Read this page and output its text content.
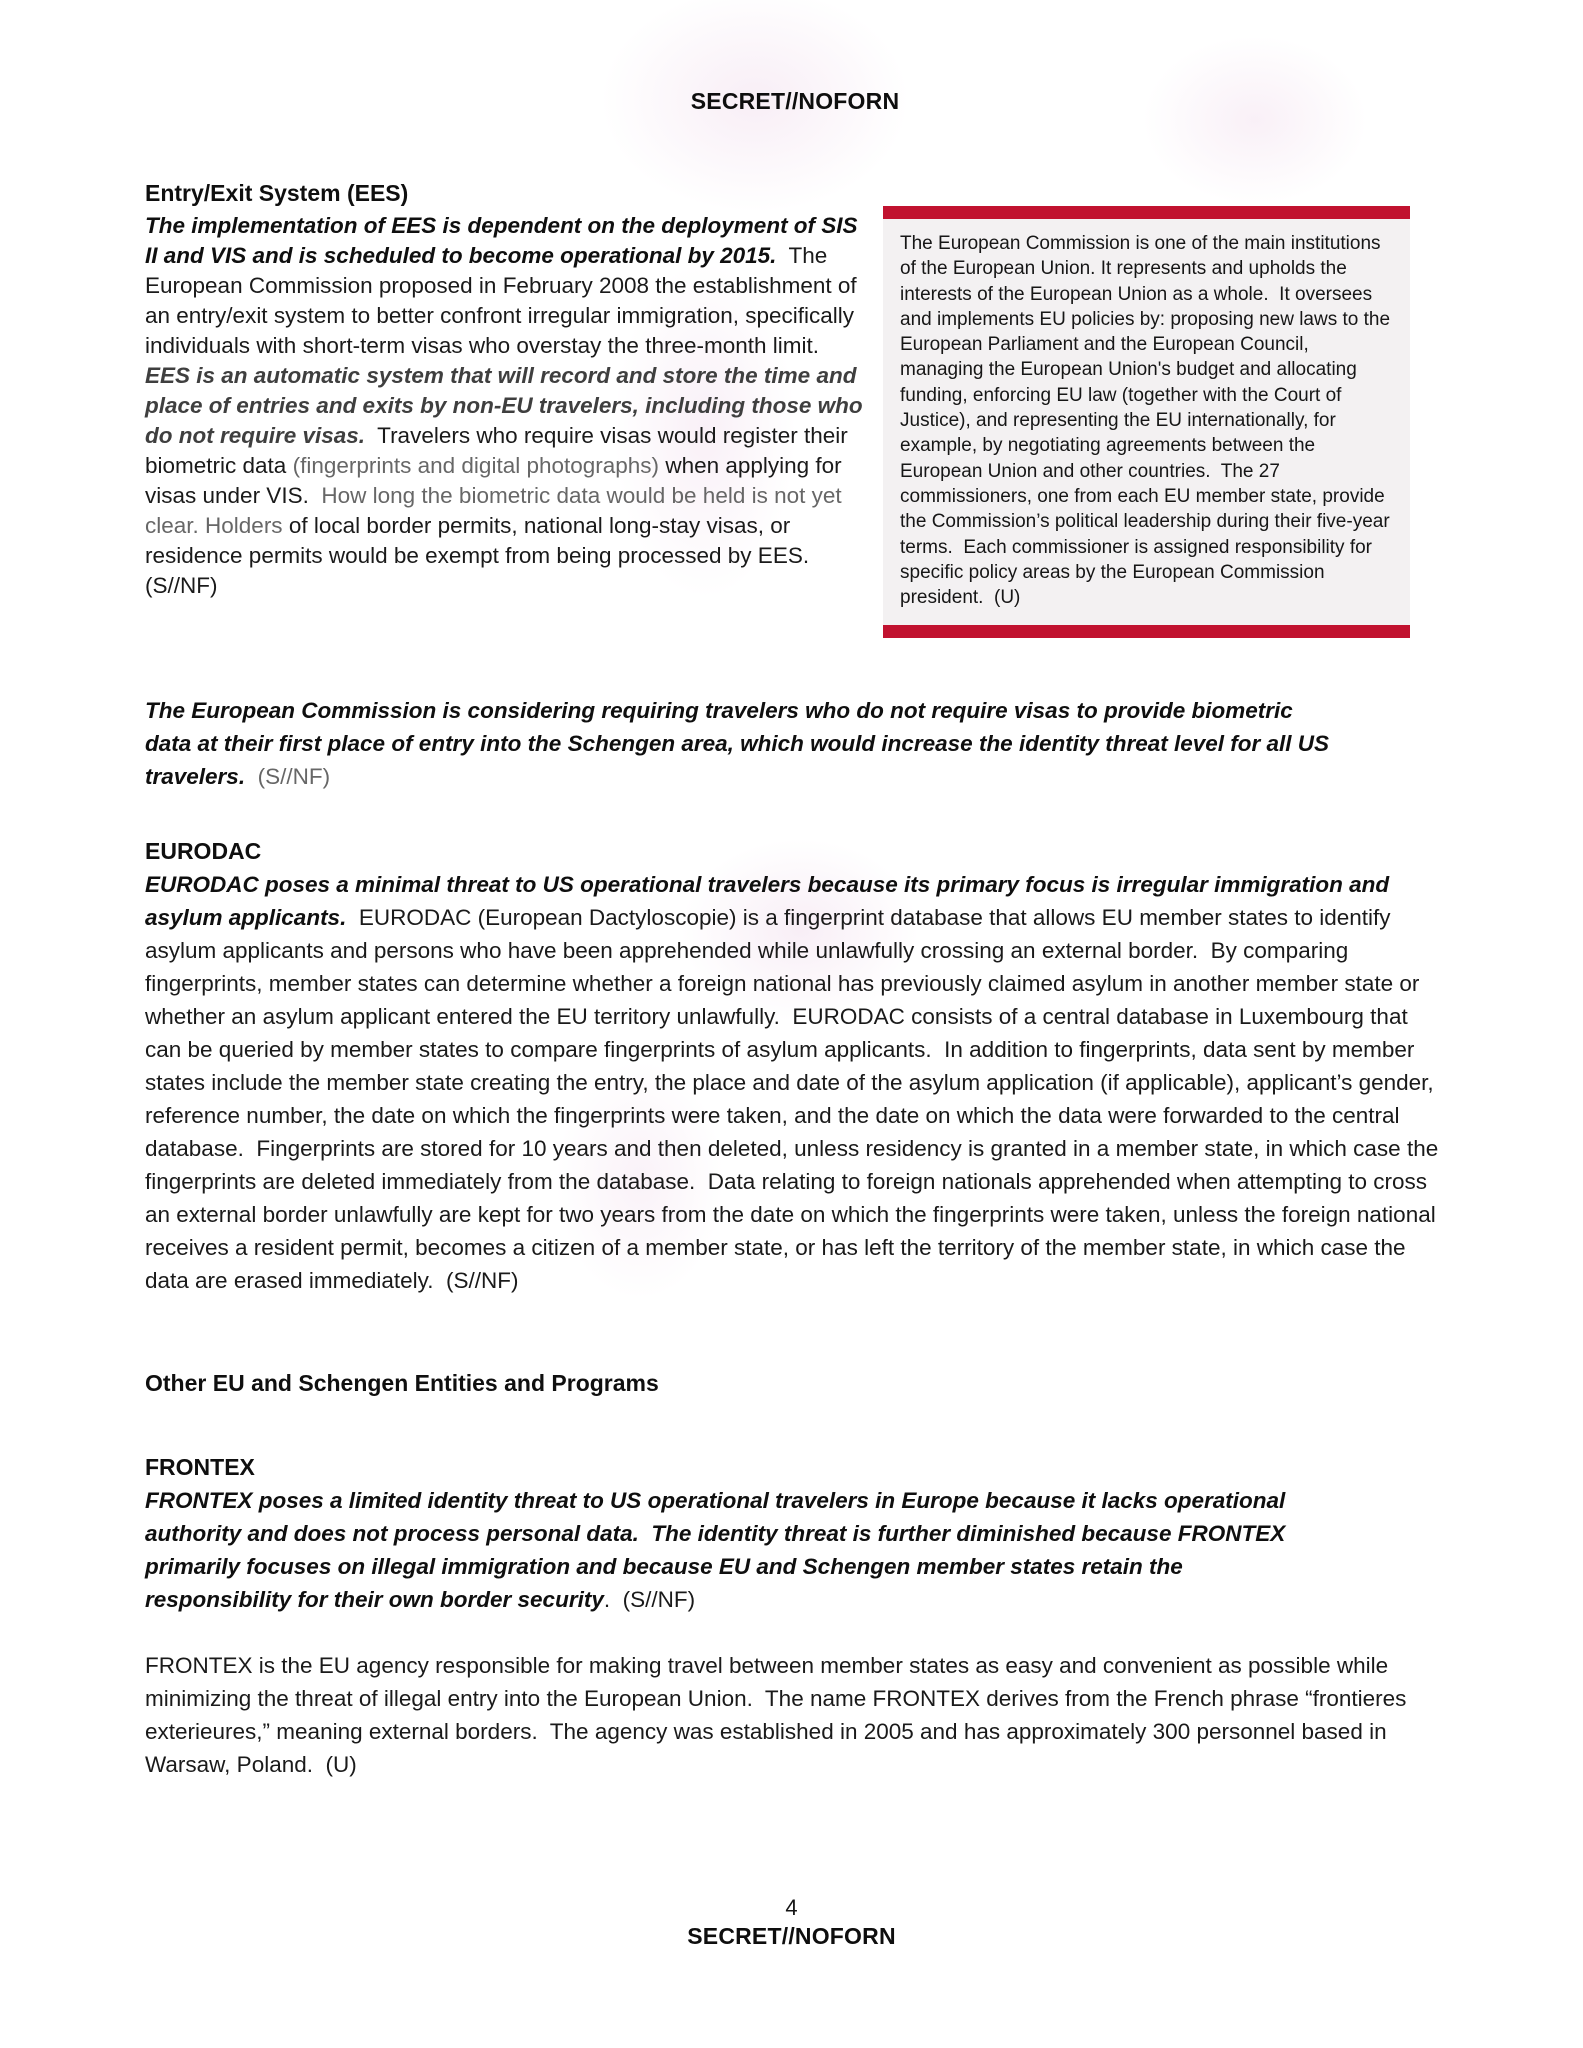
SECRET//NOFORN
Entry/Exit System (EES)

The implementation of EES is dependent on the deployment of SIS II and VIS and is scheduled to become operational by 2015.  The European Commission proposed in February 2008 the establishment of an entry/exit system to better confront irregular immigration, specifically individuals with short-term visas who overstay the three-month limit.   EES is an automatic system that will record and store the time and place of entries and exits by non-EU travelers, including those who do not require visas.  Travelers who require visas would register their biometric data (fingerprints and digital photographs) when applying for visas under VIS.  How long the biometric data would be held is not yet clear. Holders of local border permits, national long-stay visas, or residence permits would be exempt from being processed by EES.  (S//NF)

The European Commission is one of the main institutions of the European Union. It represents and upholds the interests of the European Union as a whole.  It oversees and implements EU policies by: proposing new laws to the European Parliament and the European Council, managing the European Union's budget and allocating funding, enforcing EU law (together with the Court of Justice), and representing the EU internationally, for example, by negotiating agreements between the European Union and other countries.  The 27 commissioners, one from each EU member state, provide the Commission’s political leadership during their five-year terms.  Each commissioner is assigned responsibility for specific policy areas by the European Commission president.  (U)

The European Commission is considering requiring travelers who do not require visas to provide biometric data at their first place of entry into the Schengen area, which would increase the identity threat level for all US travelers.  (S//NF)

EURODAC

EURODAC poses a minimal threat to US operational travelers because its primary focus is irregular immigration and asylum applicants.  EURODAC (European Dactyloscopie) is a fingerprint database that allows EU member states to identify asylum applicants and persons who have been apprehended while unlawfully crossing an external border.  By comparing fingerprints, member states can determine whether a foreign national has previously claimed asylum in another member state or whether an asylum applicant entered the EU territory unlawfully.  EURODAC consists of a central database in Luxembourg that can be queried by member states to compare fingerprints of asylum applicants.  In addition to fingerprints, data sent by member states include the member state creating the entry, the place and date of the asylum application (if applicable), applicant’s gender, reference number, the date on which the fingerprints were taken, and the date on which the data were forwarded to the central database.  Fingerprints are stored for 10 years and then deleted, unless residency is granted in a member state, in which case the fingerprints are deleted immediately from the database.  Data relating to foreign nationals apprehended when attempting to cross an external border unlawfully are kept for two years from the date on which the fingerprints were taken, unless the foreign national receives a resident permit, becomes a citizen of a member state, or has left the territory of the member state, in which case the data are erased immediately.  (S//NF)

Other EU and Schengen Entities and Programs
FRONTEX

FRONTEX poses a limited identity threat to US operational travelers in Europe because it lacks operational authority and does not process personal data.  The identity threat is further diminished because FRONTEX primarily focuses on illegal immigration and because EU and Schengen member states retain the responsibility for their own border security.  (S//NF)

FRONTEX is the EU agency responsible for making travel between member states as easy and convenient as possible while minimizing the threat of illegal entry into the European Union.  The name FRONTEX derives from the French phrase “frontieres exterieures,” meaning external borders.  The agency was established in 2005 and has approximately 300 personnel based in Warsaw, Poland.  (U)

4
SECRET//NOFORN
